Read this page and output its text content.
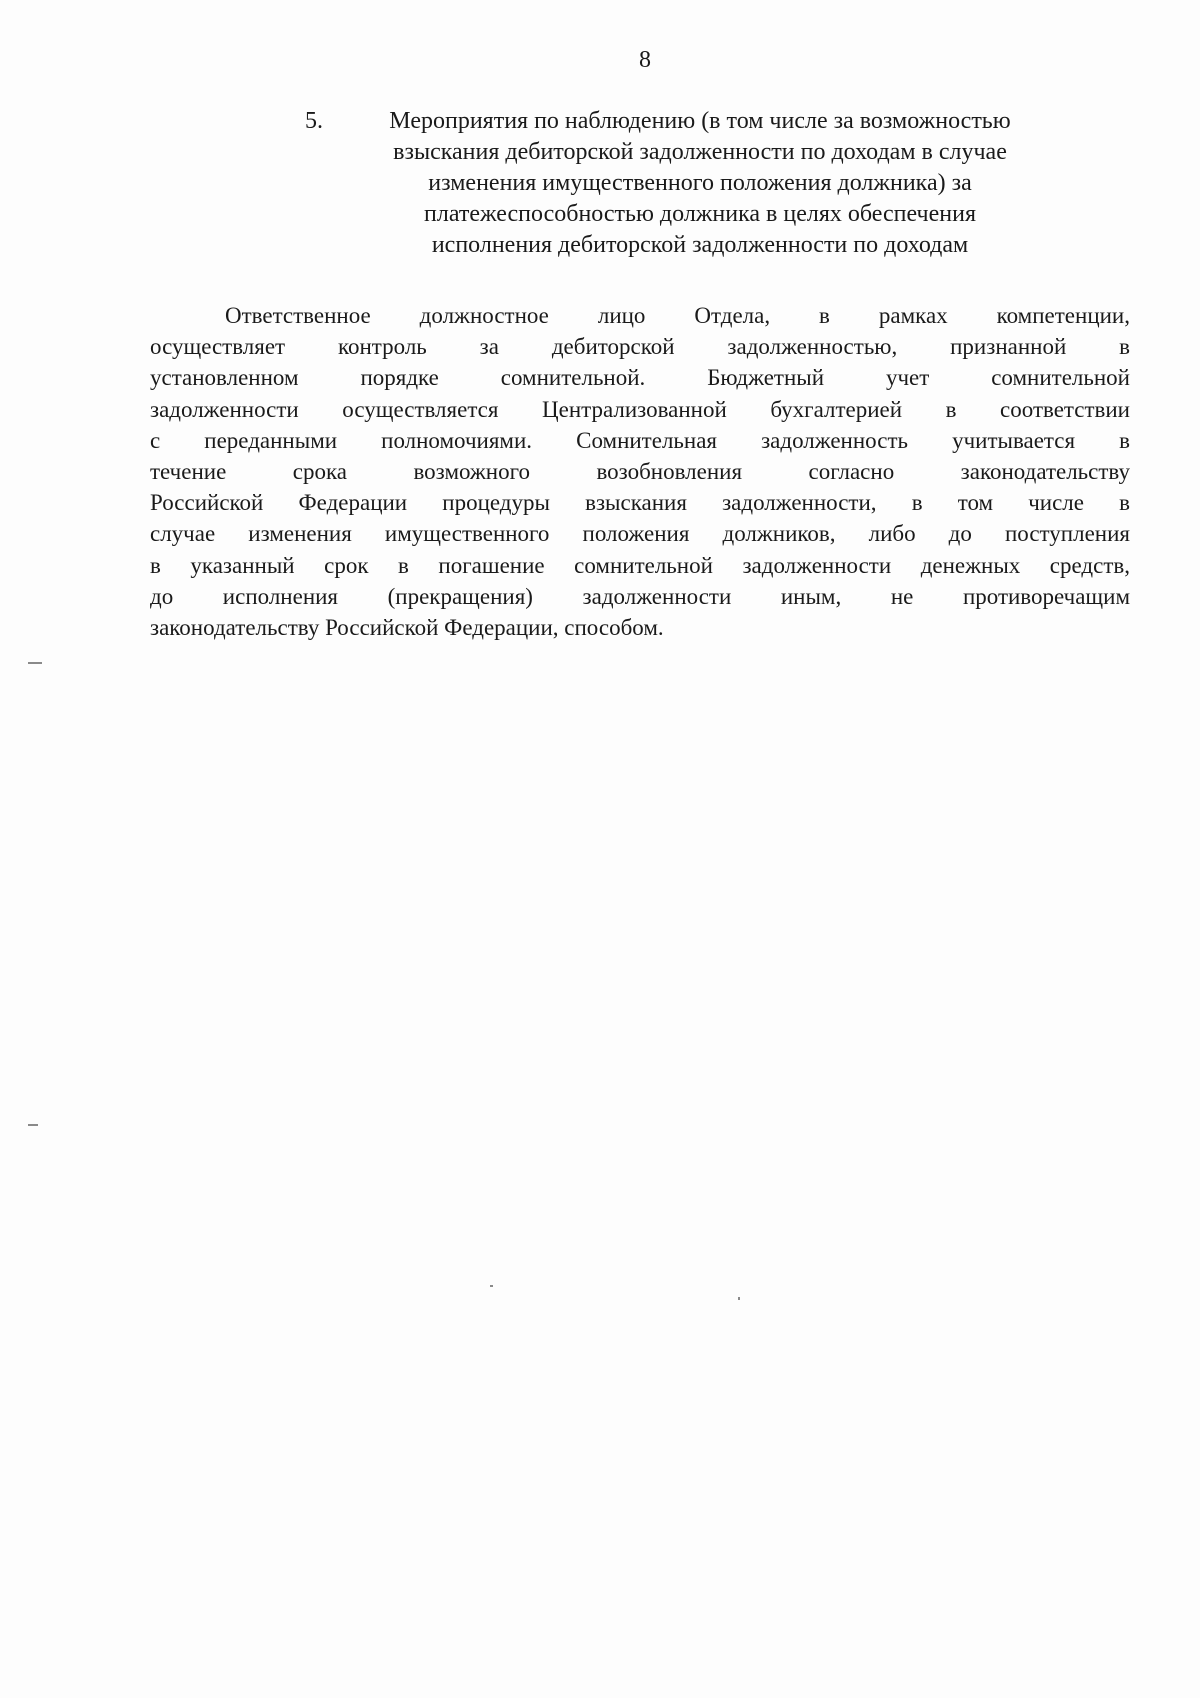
8
5.	Мероприятия по наблюдению (в том числе за возможностью
взыскания дебиторской задолженности по доходам в случае
изменения имущественного положения должника) за
платежеспособностью должника в целях обеспечения
исполнения дебиторской задолженности по доходам
Ответственное должностное лицо Отдела, в рамках компетенции,
осуществляет контроль за дебиторской задолженностью, признанной в
установленном порядке сомнительной. Бюджетный учет сомнительной
задолженности осуществляется Централизованной бухгалтерией в соответствии
с переданными полномочиями. Сомнительная задолженность учитывается в
течение срока возможного возобновления согласно законодательству
Российской Федерации процедуры взыскания задолженности, в том числе в
случае изменения имущественного положения должников, либо до поступления
в указанный срок в погашение сомнительной задолженности денежных средств,
до исполнения (прекращения) задолженности иным, не противоречащим
законодательству Российской Федерации, способом.
